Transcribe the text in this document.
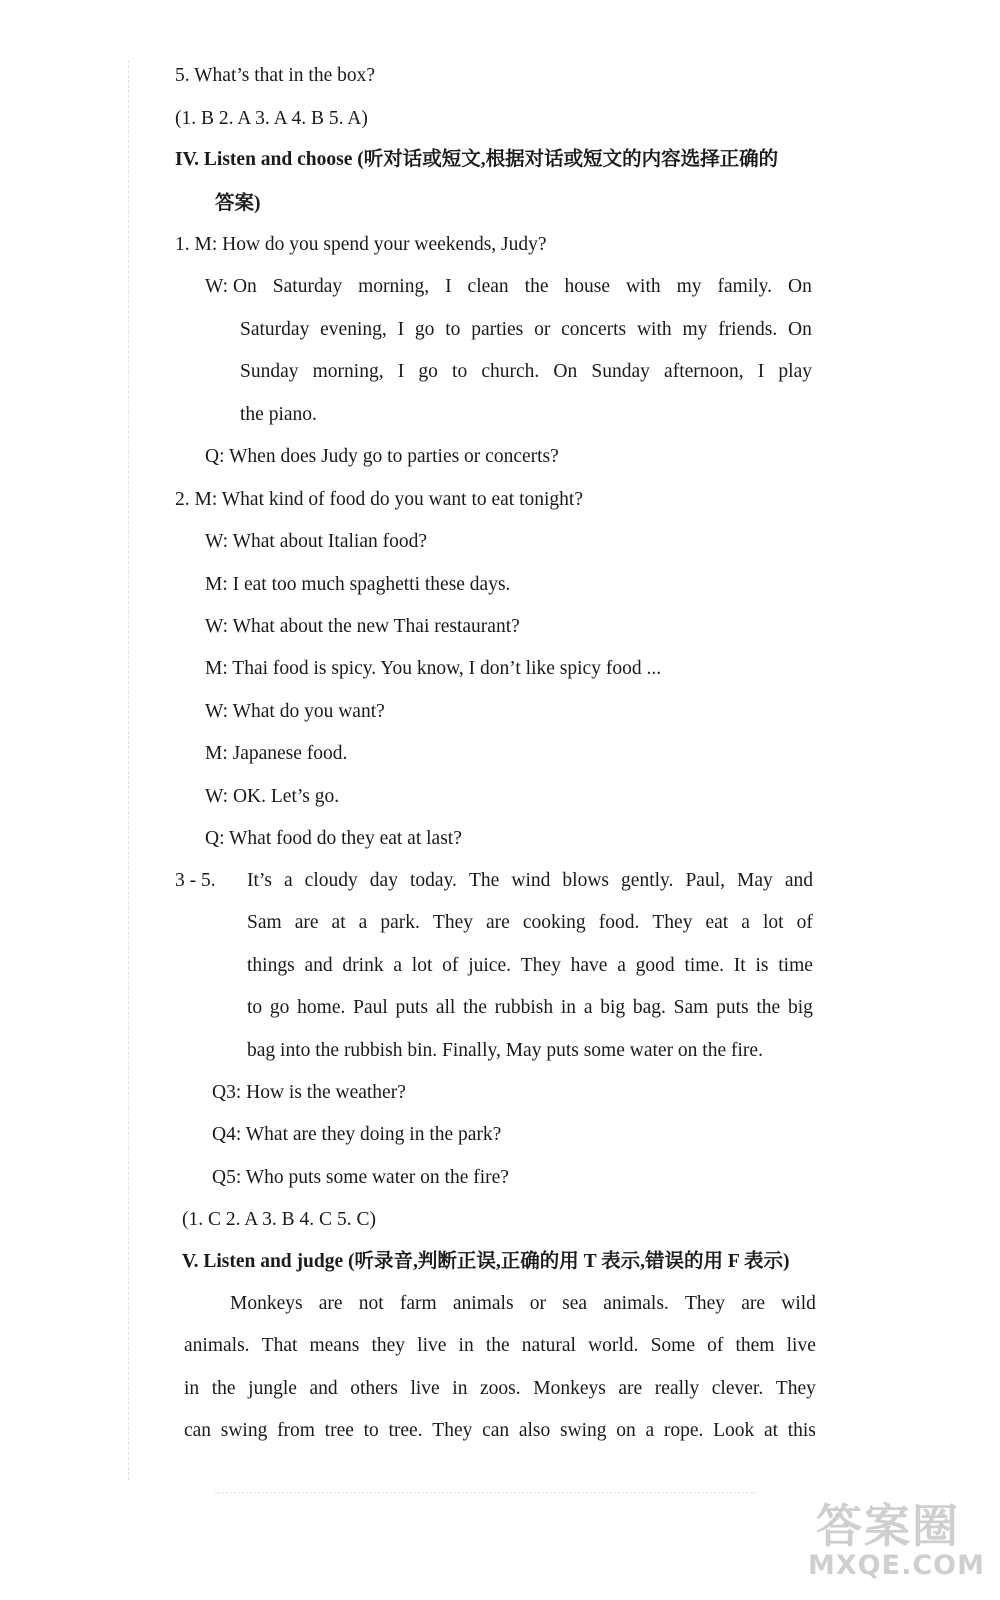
5. What’s that in the box?
(1. B 2. A 3. A 4. B 5. A)
IV. Listen and choose (听对话或短文,根据对话或短文的内容选择正确的
答案)
1. M: How do you spend your weekends, Judy?
W: On Saturday morning, I clean the house with my family. On
Saturday evening, I go to parties or concerts with my friends. On
Sunday morning, I go to church. On Sunday afternoon, I play
the piano.
Q: When does Judy go to parties or concerts?
2. M: What kind of food do you want to eat tonight?
W: What about Italian food?
M: I eat too much spaghetti these days.
W: What about the new Thai restaurant?
M: Thai food is spicy. You know, I don’t like spicy food ...
W: What do you want?
M: Japanese food.
W: OK. Let’s go.
Q: What food do they eat at last?
3 - 5. It’s a cloudy day today. The wind blows gently. Paul, May and
Sam are at a park. They are cooking food. They eat a lot of
things and drink a lot of juice. They have a good time. It is time
to go home. Paul puts all the rubbish in a big bag. Sam puts the big
bag into the rubbish bin. Finally, May puts some water on the fire.
Q3: How is the weather?
Q4: What are they doing in the park?
Q5: Who puts some water on the fire?
(1. C 2. A 3. B 4. C 5. C)
V. Listen and judge (听录音,判断正误,正确的用 T 表示,错误的用 F 表示)
Monkeys are not farm animals or sea animals. They are wild
animals. That means they live in the natural world. Some of them live
in the jungle and others live in zoos. Monkeys are really clever. They
can swing from tree to tree. They can also swing on a rope. Look at this
答案圈
MXQE.COM
